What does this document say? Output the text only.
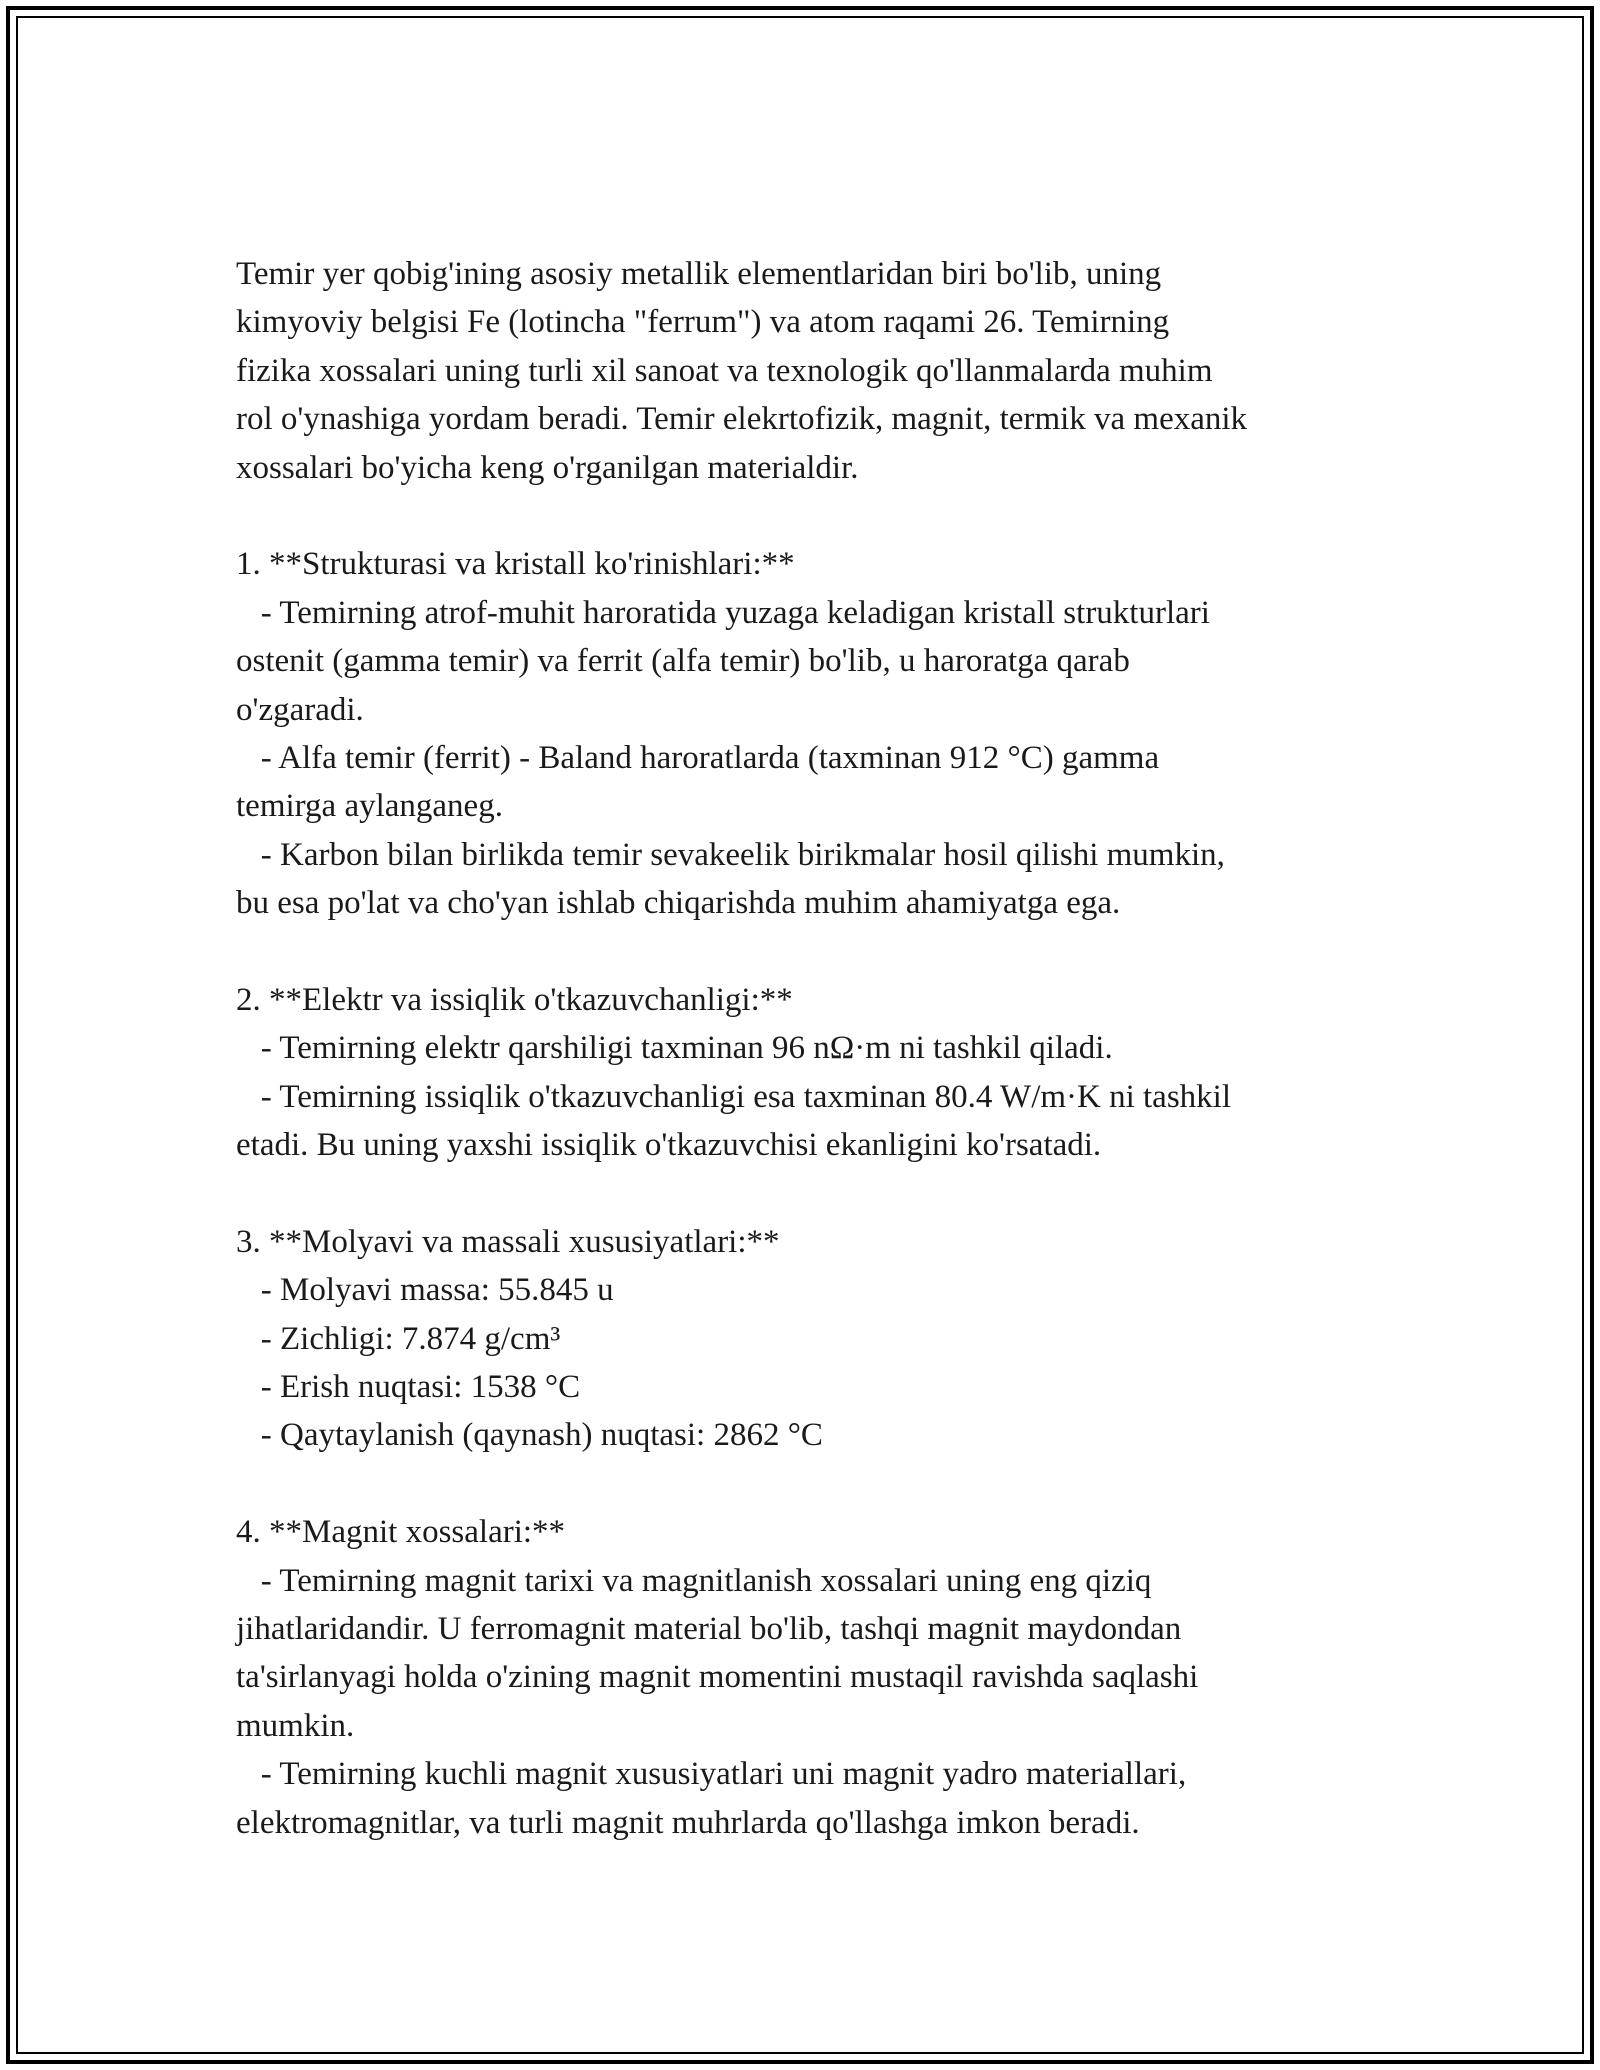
Temir yer qobig'ining asosiy metallik elementlaridan biri bo'lib, uning
kimyoviy belgisi Fe (lotincha "ferrum") va atom raqami 26. Temirning
fizika xossalari uning turli xil sanoat va texnologik qo'llanmalarda muhim
rol o'ynashiga yordam beradi. Temir elekrtofizik, magnit, termik va mexanik
xossalari bo'yicha keng o'rganilgan materialdir.
1. **Strukturasi va kristall ko'rinishlari:**
- Temirning atrof-muhit haroratida yuzaga keladigan kristall strukturlari
ostenit (gamma temir) va ferrit (alfa temir) bo'lib, u haroratga qarab
o'zgaradi.
- Alfa temir (ferrit) - Baland haroratlarda (taxminan 912 °C) gamma
temirga aylanganeg.
- Karbon bilan birlikda temir sevakeelik birikmalar hosil qilishi mumkin,
bu esa po'lat va cho'yan ishlab chiqarishda muhim ahamiyatga ega.
2. **Elektr va issiqlik o'tkazuvchanligi:**
- Temirning elektr qarshiligi taxminan 96 nΩ·m ni tashkil qiladi.
- Temirning issiqlik o'tkazuvchanligi esa taxminan 80.4 W/m·K ni tashkil
etadi. Bu uning yaxshi issiqlik o'tkazuvchisi ekanligini ko'rsatadi.
3. **Molyavi va massali xususiyatlari:**
- Molyavi massa: 55.845 u
- Zichligi: 7.874 g/cm³
- Erish nuqtasi: 1538 °C
- Qaytaylanish (qaynash) nuqtasi: 2862 °C
4. **Magnit xossalari:**
- Temirning magnit tarixi va magnitlanish xossalari uning eng qiziq
jihatlaridandir. U ferromagnit material bo'lib, tashqi magnit maydondan
ta'sirlanyagi holda o'zining magnit momentini mustaqil ravishda saqlashi
mumkin.
- Temirning kuchli magnit xususiyatlari uni magnit yadro materiallari,
elektromagnitlar, va turli magnit muhrlarda qo'llashga imkon beradi.
